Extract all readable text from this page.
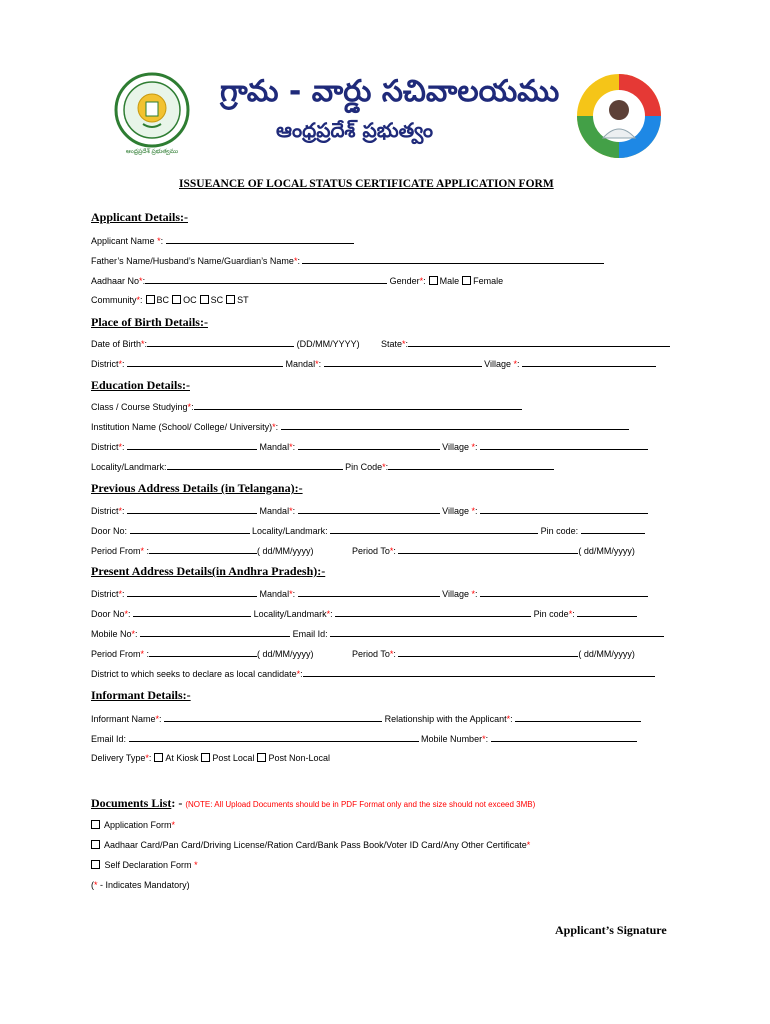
ఆంధ్రప్రదేశ్ ప్రభుత్వము
గ్రామ - వార్డు సచివాలయము
ఆంధ్రప్రదేశ్ ప్రభుత్వం
ISSUEANCE OF LOCAL STATUS CERTIFICATE APPLICATION FORM
Applicant Details:-
Applicant Name *:
Father’s Name/Husband’s Name/Guardian’s Name*:
Aadhaar No*:	Gender*: Male Female
Community*: BC OC SC ST
Place of Birth Details:-
Date of Birth*:	(DD/MM/YYYY) State*:
District*:	Mandal*:	Village *:
Education Details:-
Class / Course Studying*:
Institution Name (School/ College/ University)*:
District*:	Mandal*:	Village *:
Locality/Landmark:	Pin Code*:
Previous Address Details (in Telangana):-
District*:	Mandal*:	Village *:
Door No:	Locality/Landmark:	Pin code:
Period From* :	( dd/MM/yyyy)	Period To*:	( dd/MM/yyyy)
Present Address Details(in Andhra Pradesh):-
District*:	Mandal*:	Village *:
Door No*:	Locality/Landmark*:	Pin code*:
Mobile No*:	Email Id:
Period From* :	( dd/MM/yyyy)	Period To*:	( dd/MM/yyyy)
District to which seeks to declare as local candidate*:
Informant Details:-
Informant Name*:	Relationship with the Applicant*:
Email Id:	Mobile Number*:
Delivery Type*: At Kiosk Post Local Post Non-Local
Documents List: - (NOTE: All Upload Documents should be in PDF Format only and the size should not exceed 3MB)
Application Form*
Aadhaar Card/Pan Card/Driving License/Ration Card/Bank Pass Book/Voter ID Card/Any Other Certificate*
Self Declaration Form *
(* - Indicates Mandatory)
Applicant’s Signature
